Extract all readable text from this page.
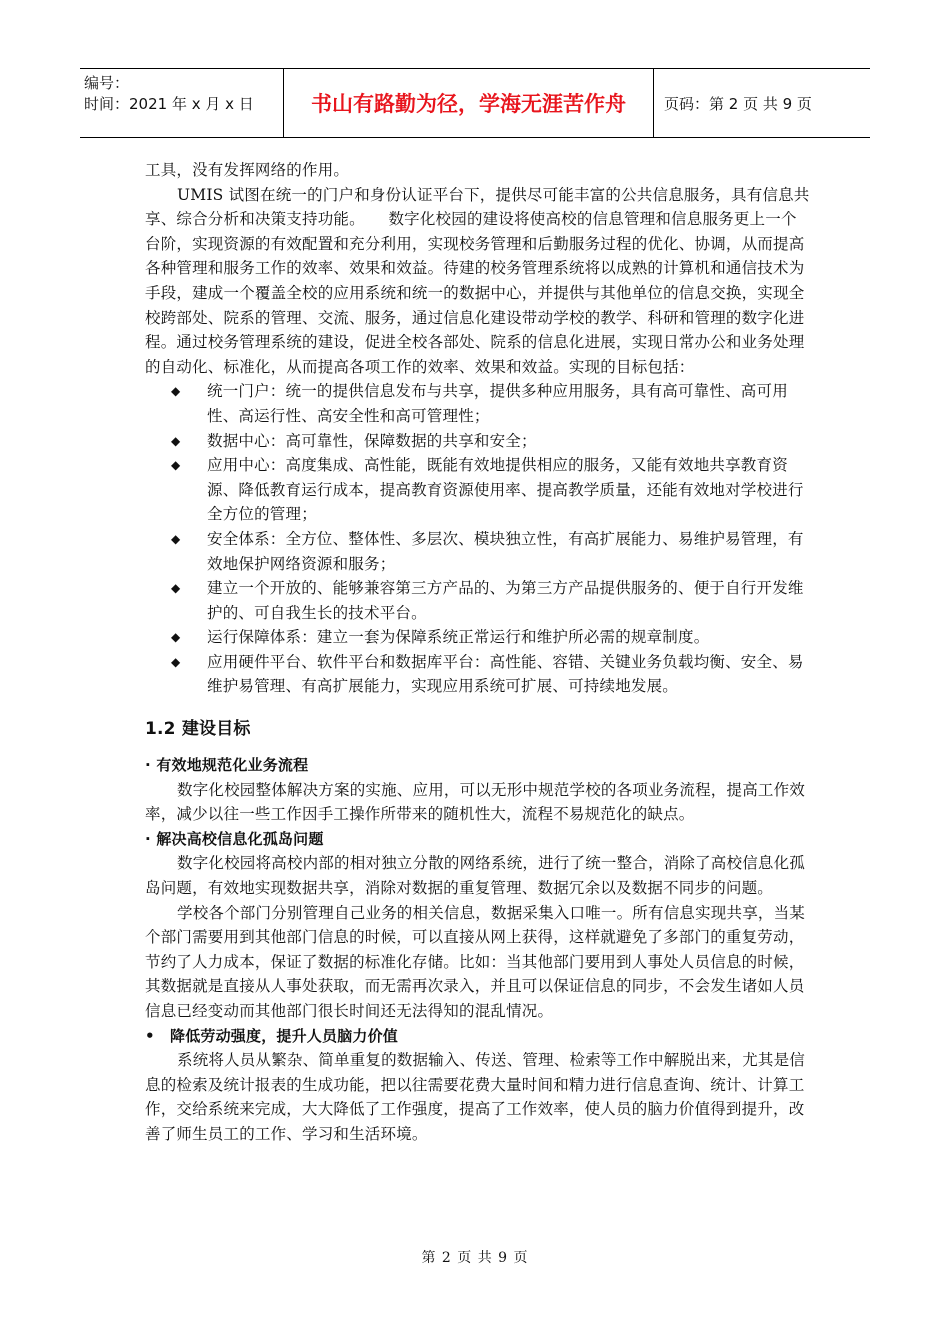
编号：
时间：2021 年 x 月 x 日	书山有路勤为径，学海无涯苦作舟	页码：第 2 页 共 9 页

工具，没有发挥网络的作用。

UMIS 试图在统一的门户和身份认证平台下，提供尽可能丰富的公共信息服务，具有信息共享、综合分析和决策支持功能。　　数字化校园的建设将使高校的信息管理和信息服务更上一个台阶，实现资源的有效配置和充分利用，实现校务管理和后勤服务过程的优化、协调，从而提高各种管理和服务工作的效率、效果和效益。待建的校务管理系统将以成熟的计算机和通信技术为手段，建成一个覆盖全校的应用系统和统一的数据中心，并提供与其他单位的信息交换，实现全校跨部处、院系的管理、交流、服务，通过信息化建设带动学校的教学、科研和管理的数字化进程。通过校务管理系统的建设，促进全校各部处、院系的信息化进展，实现日常办公和业务处理的自动化、标准化，从而提高各项工作的效率、效果和效益。实现的目标包括：

◆ 统一门户：统一的提供信息发布与共享，提供多种应用服务，具有高可靠性、高可用性、高运行性、高安全性和高可管理性；
◆ 数据中心：高可靠性，保障数据的共享和安全；
◆ 应用中心：高度集成、高性能，既能有效地提供相应的服务，又能有效地共享教育资源、降低教育运行成本，提高教育资源使用率、提高教学质量，还能有效地对学校进行全方位的管理；
◆ 安全体系：全方位、整体性、多层次、模块独立性，有高扩展能力、易维护易管理，有效地保护网络资源和服务；
◆ 建立一个开放的、能够兼容第三方产品的、为第三方产品提供服务的、便于自行开发维护的、可自我生长的技术平台。
◆ 运行保障体系：建立一套为保障系统正常运行和维护所必需的规章制度。
◆ 应用硬件平台、软件平台和数据库平台：高性能、容错、关键业务负载均衡、安全、易维护易管理、有高扩展能力，实现应用系统可扩展、可持续地发展。
1.2 建设目标
· 有效地规范化业务流程

数字化校园整体解决方案的实施、应用，可以无形中规范学校的各项业务流程，提高工作效率，减少以往一些工作因手工操作所带来的随机性大，流程不易规范化的缺点。

· 解决高校信息化孤岛问题

数字化校园将高校内部的相对独立分散的网络系统，进行了统一整合，消除了高校信息化孤岛问题，有效地实现数据共享，消除对数据的重复管理、数据冗余以及数据不同步的问题。

学校各个部门分别管理自己业务的相关信息，数据采集入口唯一。所有信息实现共享，当某个部门需要用到其他部门信息的时候，可以直接从网上获得，这样就避免了多部门的重复劳动，节约了人力成本，保证了数据的标准化存储。比如：当其他部门要用到人事处人员信息的时候，其数据就是直接从人事处获取，而无需再次录入，并且可以保证信息的同步，不会发生诸如人员信息已经变动而其他部门很长时间还无法得知的混乱情况。

•　降低劳动强度，提升人员脑力价值

系统将人员从繁杂、简单重复的数据输入、传送、管理、检索等工作中解脱出来，尤其是信息的检索及统计报表的生成功能，把以往需要花费大量时间和精力进行信息查询、统计、计算工作，交给系统来完成，大大降低了工作强度，提高了工作效率，使人员的脑力价值得到提升，改善了师生员工的工作、学习和生活环境。

第 2 页 共 9 页
